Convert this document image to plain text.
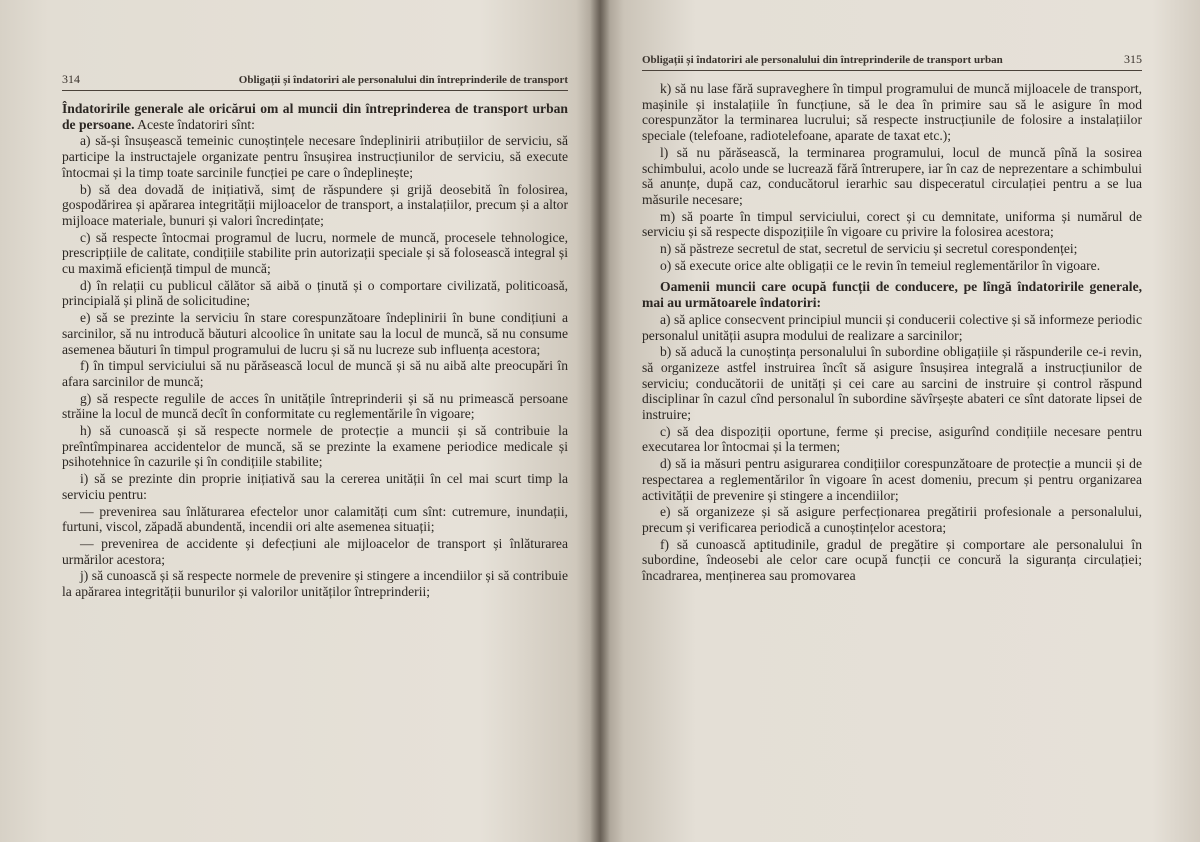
314	Obligații și îndatoriri ale personalului din întreprinderile de transport

Îndatoririle generale ale oricărui om al muncii din întreprinderea de transport urban de persoane. Aceste îndatoriri sînt:

a) să-și însușească temeinic cunoștințele necesare îndeplinirii atribuțiilor de serviciu, să participe la instructajele organizate pentru însușirea instrucțiunilor de serviciu, să execute întocmai și la timp toate sarcinile funcției pe care o îndeplinește;

b) să dea dovadă de inițiativă, simț de răspundere și grijă deosebită în folosirea, gospodărirea și apărarea integrității mijloacelor de transport, a instalațiilor, precum și a altor mijloace materiale, bunuri și valori încredințate;

c) să respecte întocmai programul de lucru, normele de muncă, procesele tehnologice, prescripțiile de calitate, condițiile stabilite prin autorizații speciale și să folosească integral și cu maximă eficiență timpul de muncă;

d) în relații cu publicul călător să aibă o ținută și o comportare civilizată, politicoasă, principială și plină de solicitudine;

e) să se prezinte la serviciu în stare corespunzătoare îndeplinirii în bune condițiuni a sarcinilor, să nu introducă băuturi alcoolice în unitate sau la locul de muncă, să nu consume asemenea băuturi în timpul programului de lucru și să nu lucreze sub influența acestora;

f) în timpul serviciului să nu părăsească locul de muncă și să nu aibă alte preocupări în afara sarcinilor de muncă;

g) să respecte regulile de acces în unitățile întreprinderii și să nu primească persoane străine la locul de muncă decît în conformitate cu reglementările în vigoare;

h) să cunoască și să respecte normele de protecție a muncii și să contribuie la preîntîmpinarea accidentelor de muncă, să se prezinte la examene periodice medicale și psihotehnice în cazurile și în condițiile stabilite;

i) să se prezinte din proprie inițiativă sau la cererea unității în cel mai scurt timp la serviciu pentru:

— prevenirea sau înlăturarea efectelor unor calamități cum sînt: cutremure, inundații, furtuni, viscol, zăpadă abundentă, incendii ori alte asemenea situații;

— prevenirea de accidente și defecțiuni ale mijloacelor de transport și înlăturarea urmărilor acestora;

j) să cunoască și să respecte normele de prevenire și stingere a incendiilor și să contribuie la apărarea integrității bunurilor și valorilor unităților întreprinderii;

Obligații și îndatoriri ale personalului din întreprinderile de transport urban	315

k) să nu lase fără supraveghere în timpul programului de muncă mijloacele de transport, mașinile și instalațiile în funcțiune, să le dea în primire sau să le asigure în mod corespunzător la terminarea lucrului; să respecte instrucțiunile de folosire a instalațiilor speciale (telefoane, radiotelefoane, aparate de taxat etc.);

l) să nu părăsească, la terminarea programului, locul de muncă pînă la sosirea schimbului, acolo unde se lucrează fără întrerupere, iar în caz de neprezentare a schimbului să anunțe, după caz, conducătorul ierarhic sau dispeceratul circulației pentru a se lua măsurile necesare;

m) să poarte în timpul serviciului, corect și cu demnitate, uniforma și numărul de serviciu și să respecte dispozițiile în vigoare cu privire la folosirea acestora;

n) să păstreze secretul de stat, secretul de serviciu și secretul corespondenței;

o) să execute orice alte obligații ce le revin în temeiul reglementărilor în vigoare.

Oamenii muncii care ocupă funcții de conducere, pe lîngă îndatoririle generale, mai au următoarele îndatoriri:

a) să aplice consecvent principiul muncii și conducerii colective și să informeze periodic personalul unității asupra modului de realizare a sarcinilor;

b) să aducă la cunoștința personalului în subordine obligațiile și răspunderile ce-i revin, să organizeze astfel instruirea încît să asigure însușirea integrală a instrucțiunilor de serviciu; conducătorii de unități și cei care au sarcini de instruire și control răspund disciplinar în cazul cînd personalul în subordine săvîrșește abateri ce sînt datorate lipsei de instruire;

c) să dea dispoziții oportune, ferme și precise, asigurînd condițiile necesare pentru executarea lor întocmai și la termen;

d) să ia măsuri pentru asigurarea condițiilor corespunzătoare de protecție a muncii și de respectarea a reglementărilor în vigoare în acest domeniu, precum și pentru organizarea activității de prevenire și stingere a incendiilor;

e) să organizeze și să asigure perfecționarea pregătirii profesionale a personalului, precum și verificarea periodică a cunoștințelor acestora;

f) să cunoască aptitudinile, gradul de pregătire și comportare ale personalului în subordine, îndeosebi ale celor care ocupă funcții ce concură la siguranța circulației; încadrarea, menținerea sau promovarea
